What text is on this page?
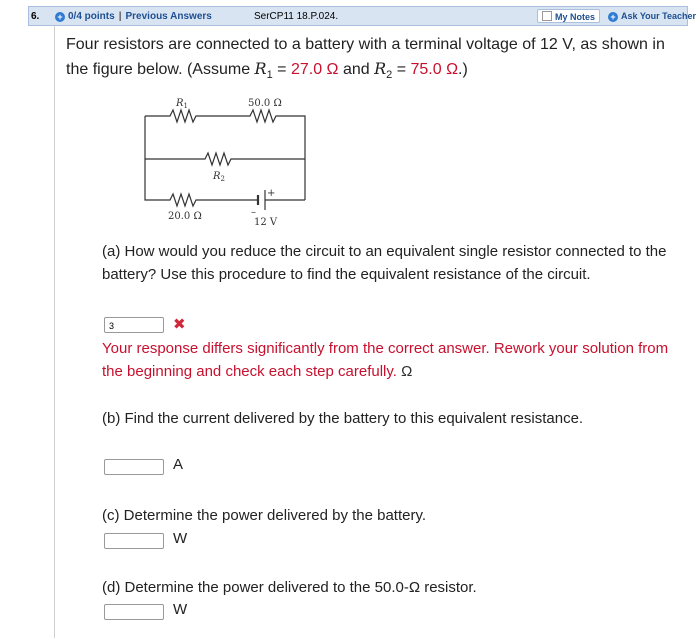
6. + 0/4 points | Previous Answers	SerCP11 18.P.024.	My Notes	+ Ask Your Teacher

Four resistors are connected to a battery with a terminal voltage of 12 V, as shown in the figure below. (Assume $R_1 = 27.0$ Ω and $R_2 = 75.0$ Ω.)

$R_1$	50.0 Ω
$R_2$
20.0 Ω	–
+
12 V

(a) How would you reduce the circuit to an equivalent single resistor connected to the battery? Use this procedure to find the equivalent resistance of the circuit.

3	✖

Your response differs significantly from the correct answer. Rework your solution from the beginning and check each step carefully. Ω

(b) Find the current delivered by the battery to this equivalent resistance.

A

(c) Determine the power delivered by the battery.

W

(d) Determine the power delivered to the 50.0-Ω resistor.

W
